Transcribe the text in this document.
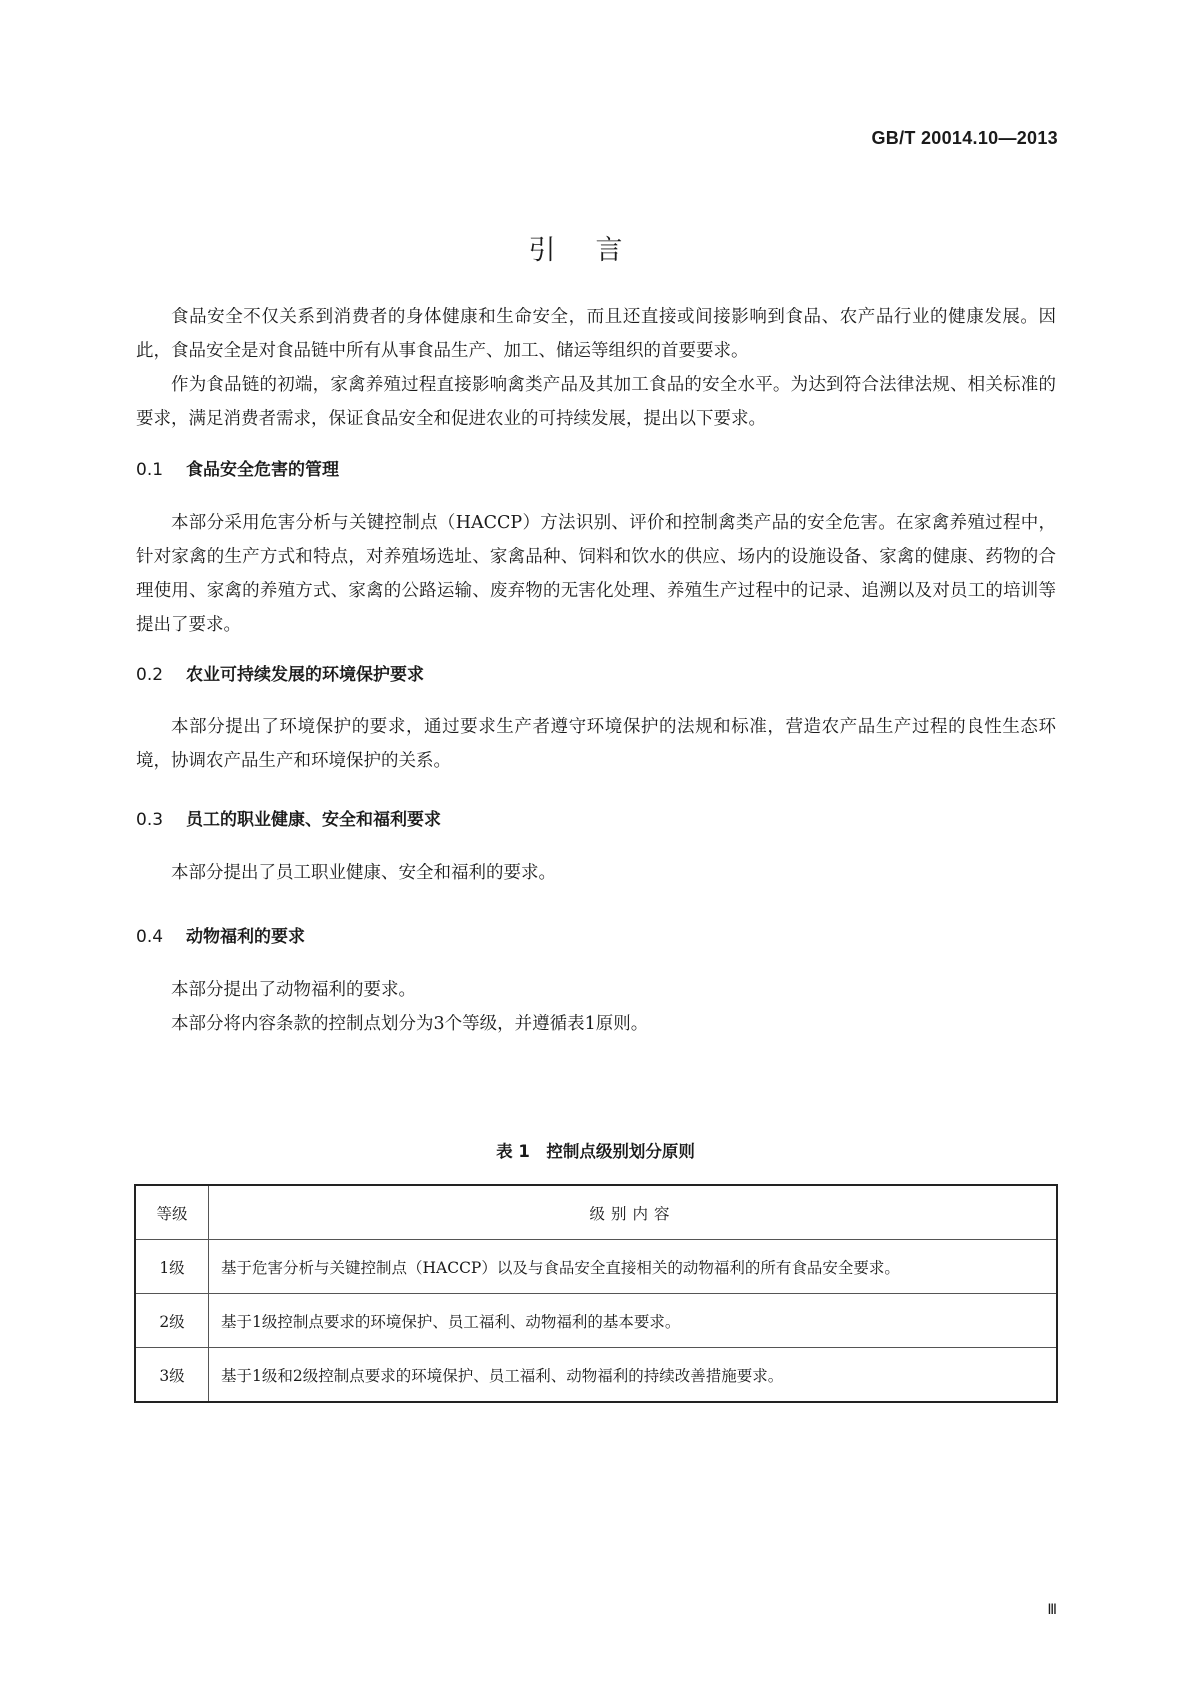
GB/T 20014.10—2013
引言

食品安全不仅关系到消费者的身体健康和生命安全，而且还直接或间接影响到食品、农产品行业的健康发展。因此，食品安全是对食品链中所有从事食品生产、加工、储运等组织的首要要求。

作为食品链的初端，家禽养殖过程直接影响禽类产品及其加工食品的安全水平。为达到符合法律法规、相关标准的要求，满足消费者需求，保证食品安全和促进农业的可持续发展，提出以下要求。

0.1 食品安全危害的管理

本部分采用危害分析与关键控制点（HACCP）方法识别、评价和控制禽类产品的安全危害。在家禽养殖过程中，针对家禽的生产方式和特点，对养殖场选址、家禽品种、饲料和饮水的供应、场内的设施设备、家禽的健康、药物的合理使用、家禽的养殖方式、家禽的公路运输、废弃物的无害化处理、养殖生产过程中的记录、追溯以及对员工的培训等提出了要求。

0.2 农业可持续发展的环境保护要求

本部分提出了环境保护的要求，通过要求生产者遵守环境保护的法规和标准，营造农产品生产过程的良性生态环境，协调农产品生产和环境保护的关系。

0.3 员工的职业健康、安全和福利要求

本部分提出了员工职业健康、安全和福利的要求。

0.4 动物福利的要求

本部分提出了动物福利的要求。

本部分将内容条款的控制点划分为3个等级，并遵循表1原则。

表 1　控制点级别划分原则
等级	级别内容
1级	基于危害分析与关键控制点（HACCP）以及与食品安全直接相关的动物福利的所有食品安全要求。
2级	基于1级控制点要求的环境保护、员工福利、动物福利的基本要求。
3级	基于1级和2级控制点要求的环境保护、员工福利、动物福利的持续改善措施要求。
Ⅲ
